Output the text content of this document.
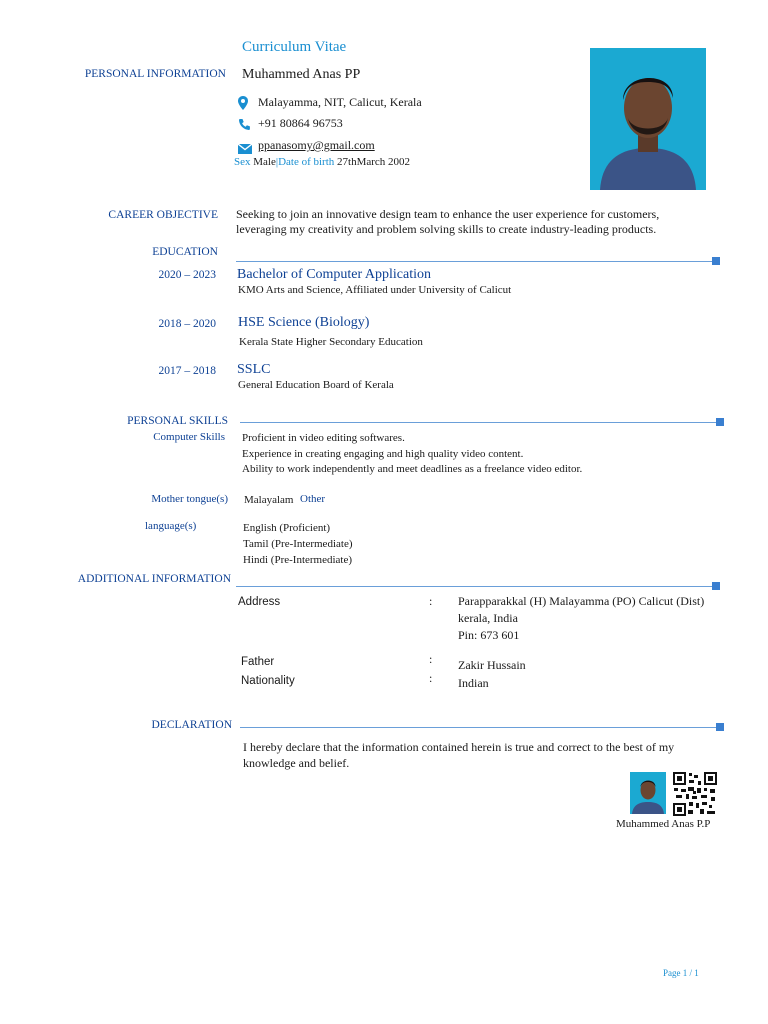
Curriculum Vitae
PERSONAL INFORMATION Muhammed Anas PP
Malayamma, NIT, Calicut, Kerala
+91 80864 96753
ppanasomy@gmail.com
Sex Male|Date of birth 27thMarch 2002
CAREER OBJECTIVE Seeking to join an innovative design team to enhance the user experience for customers,
leveraging my creativity and problem solving skills to create industry-leading products.
EDUCATION
2020 – 2023 Bachelor of Computer Application
KMO Arts and Science, Affiliated under University of Calicut
2018 – 2020 HSE Science (Biology)
Kerala State Higher Secondary Education
2017 – 2018 SSLC
General Education Board of Kerala
PERSONAL SKILLS
Computer Skills Proficient in video editing softwares.
Experience in creating engaging and high quality video content.
Ability to work independently and meet deadlines as a freelance video editor.
Mother tongue(s) Malayalam Other
language(s)	English (Proficient)
Tamil (Pre-Intermediate)
Hindi (Pre-Intermediate)
ADDITIONAL INFORMATION
Address	: Parapparakkal (H) Malayamma (PO) Calicut (Dist)
kerala, India
Pin: 673 601
Father	: Zakir Hussain
Nationality	: Indian
DECLARATION
I hereby declare that the information contained herein is true and correct to the best of my
knowledge and belief.
Muhammed Anas P.P
Page 1 / 1
